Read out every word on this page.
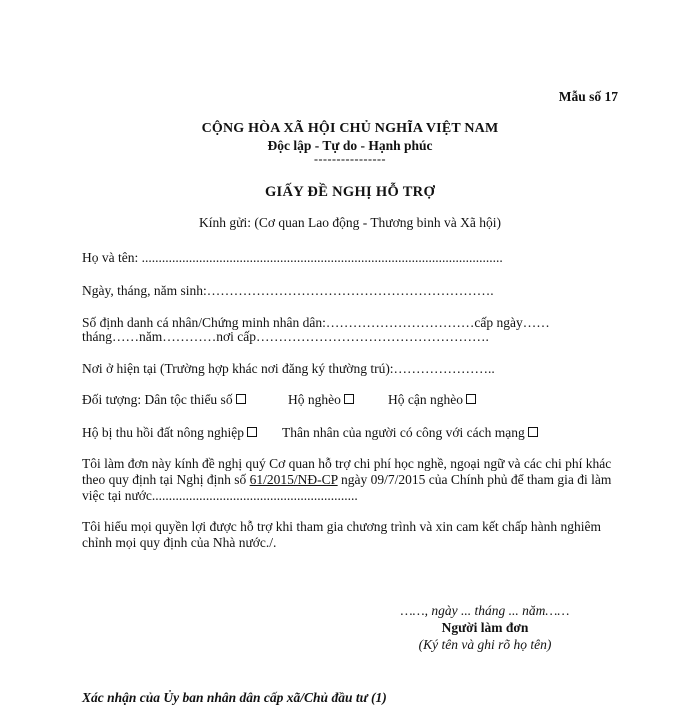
Mẫu số 17
CỘNG HÒA XÃ HỘI CHỦ NGHĨA VIỆT NAM
Độc lập - Tự do - Hạnh phúc
----------------
GIẤY ĐỀ NGHỊ HỖ TRỢ
Kính gửi: (Cơ quan Lao động - Thương binh và Xã hội)
Họ và tên: ...........................................................................................................
Ngày, tháng, năm sinh:……………………………………………………….
Số định danh cá nhân/Chứng minh nhân dân:……………………………cấp ngày……
tháng……năm…………nơi cấp…………………………………………….
Nơi ở hiện tại (Trường hợp khác nơi đăng ký thường trú):…………………..
Đối tượng: Dân tộc thiểu số	Hộ nghèo	Hộ cận nghèo
Hộ bị thu hồi đất nông nghiệp	Thân nhân của người có công với cách mạng
Tôi làm đơn này kính đề nghị quý Cơ quan hỗ trợ chi phí học nghề, ngoại ngữ và các chi phí khác theo quy định tại Nghị định số 61/2015/NĐ-CP ngày 09/7/2015 của Chính phủ để tham gia đi làm việc tại nước.............................................................
Tôi hiểu mọi quyền lợi được hỗ trợ khi tham gia chương trình và xin cam kết chấp hành nghiêm chỉnh mọi quy định của Nhà nước./.
……, ngày ... tháng ... năm……
Người làm đơn
(Ký tên và ghi rõ họ tên)
Xác nhận của Ủy ban nhân dân cấp xã/Chủ đầu tư (1)
